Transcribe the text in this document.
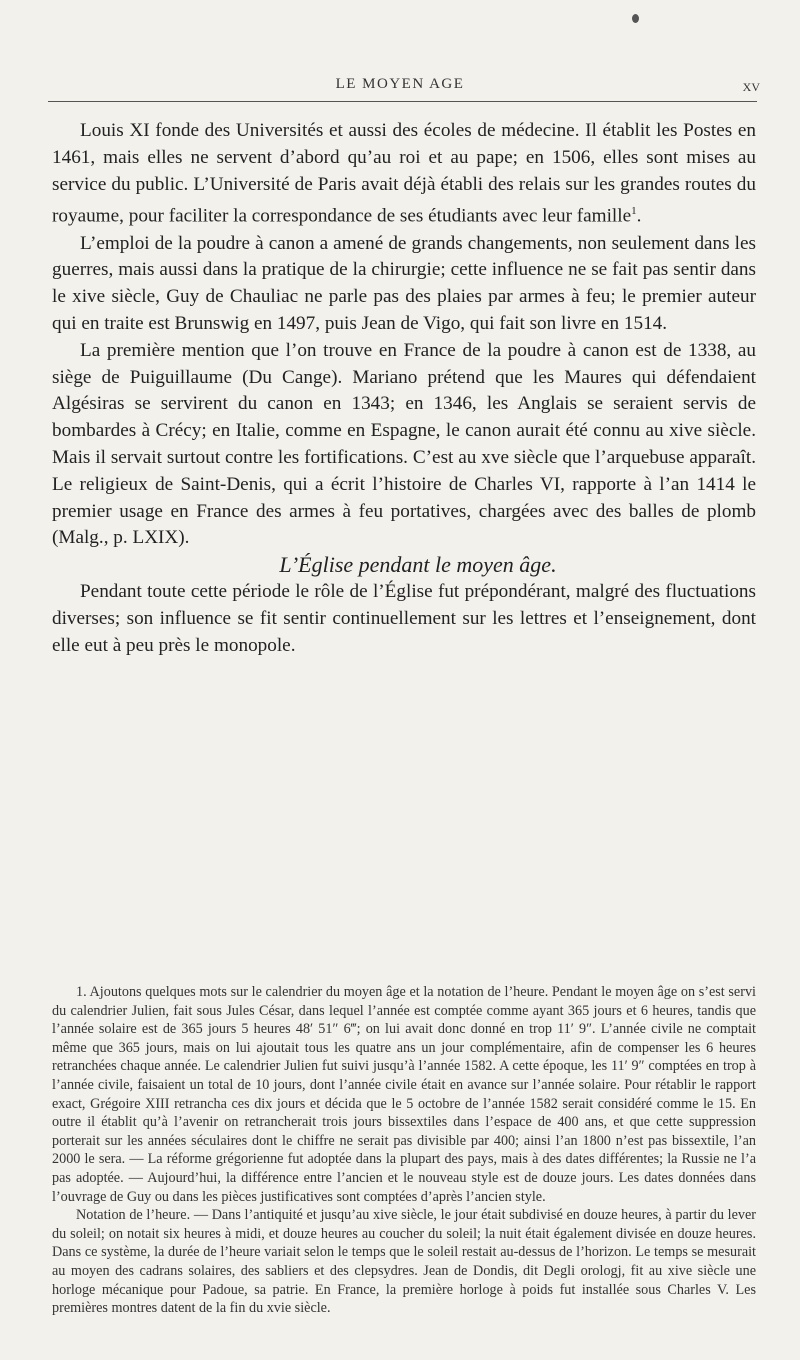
LE MOYEN AGE	XV

Louis XI fonde des Universités et aussi des écoles de médecine. Il établit les Postes en 1461, mais elles ne servent d’abord qu’au roi et au pape; en 1506, elles sont mises au service du public. L’Université de Paris avait déjà établi des relais sur les grandes routes du royaume, pour faciliter la correspondance de ses étudiants avec leur famille$^1$.

L’emploi de la poudre à canon a amené de grands changements, non seulement dans les guerres, mais aussi dans la pratique de la chirurgie; cette influence ne se fait pas sentir dans le xive siècle, Guy de Chauliac ne parle pas des plaies par armes à feu; le premier auteur qui en traite est Brunswig en 1497, puis Jean de Vigo, qui fait son livre en 1514.

La première mention que l’on trouve en France de la poudre à canon est de 1338, au siège de Puiguillaume (Du Cange). Mariano prétend que les Maures qui défendaient Algésiras se servirent du canon en 1343; en 1346, les Anglais se seraient servis de bombardes à Crécy; en Italie, comme en Espagne, le canon aurait été connu au xive siècle. Mais il servait surtout contre les fortifications. C’est au xve siècle que l’arquebuse apparaît. Le religieux de Saint-Denis, qui a écrit l’histoire de Charles VI, rapporte à l’an 1414 le premier usage en France des armes à feu portatives, chargées avec des balles de plomb (Malg., p. LXIX).

L’Église pendant le moyen âge.

Pendant toute cette période le rôle de l’Église fut prépondérant, malgré des fluctuations diverses; son influence se fit sentir continuellement sur les lettres et l’enseignement, dont elle eut à peu près le monopole.

1. Ajoutons quelques mots sur le calendrier du moyen âge et la notation de l’heure. Pendant le moyen âge on s’est servi du calendrier Julien, fait sous Jules César, dans lequel l’année est comptée comme ayant 365 jours et 6 heures, tandis que l’année solaire est de 365 jours 5 heures 48′ 51″ 6‴; on lui avait donc donné en trop 11′ 9″. L’année civile ne comptait même que 365 jours, mais on lui ajoutait tous les quatre ans un jour complémentaire, afin de compenser les 6 heures retranchées chaque année. Le calendrier Julien fut suivi jusqu’à l’année 1582. A cette époque, les 11′ 9″ comptées en trop à l’année civile, faisaient un total de 10 jours, dont l’année civile était en avance sur l’année solaire. Pour rétablir le rapport exact, Grégoire XIII retrancha ces dix jours et décida que le 5 octobre de l’année 1582 serait considéré comme le 15. En outre il établit qu’à l’avenir on retrancherait trois jours bissextiles dans l’espace de 400 ans, et que cette suppression porterait sur les années séculaires dont le chiffre ne serait pas divisible par 400; ainsi l’an 1800 n’est pas bissextile, l’an 2000 le sera. — La réforme grégorienne fut adoptée dans la plupart des pays, mais à des dates différentes; la Russie ne l’a pas adoptée. — Aujourd’hui, la différence entre l’ancien et le nouveau style est de douze jours. Les dates données dans l’ouvrage de Guy ou dans les pièces justificatives sont comptées d’après l’ancien style.

Notation de l’heure. — Dans l’antiquité et jusqu’au xive siècle, le jour était subdivisé en douze heures, à partir du lever du soleil; on notait six heures à midi, et douze heures au coucher du soleil; la nuit était également divisée en douze heures. Dans ce système, la durée de l’heure variait selon le temps que le soleil restait au-dessus de l’horizon. Le temps se mesurait au moyen des cadrans solaires, des sabliers et des clepsydres. Jean de Dondis, dit Degli orologj, fit au xive siècle une horloge mécanique pour Padoue, sa patrie. En France, la première horloge à poids fut installée sous Charles V. Les premières montres datent de la fin du xvie siècle.
